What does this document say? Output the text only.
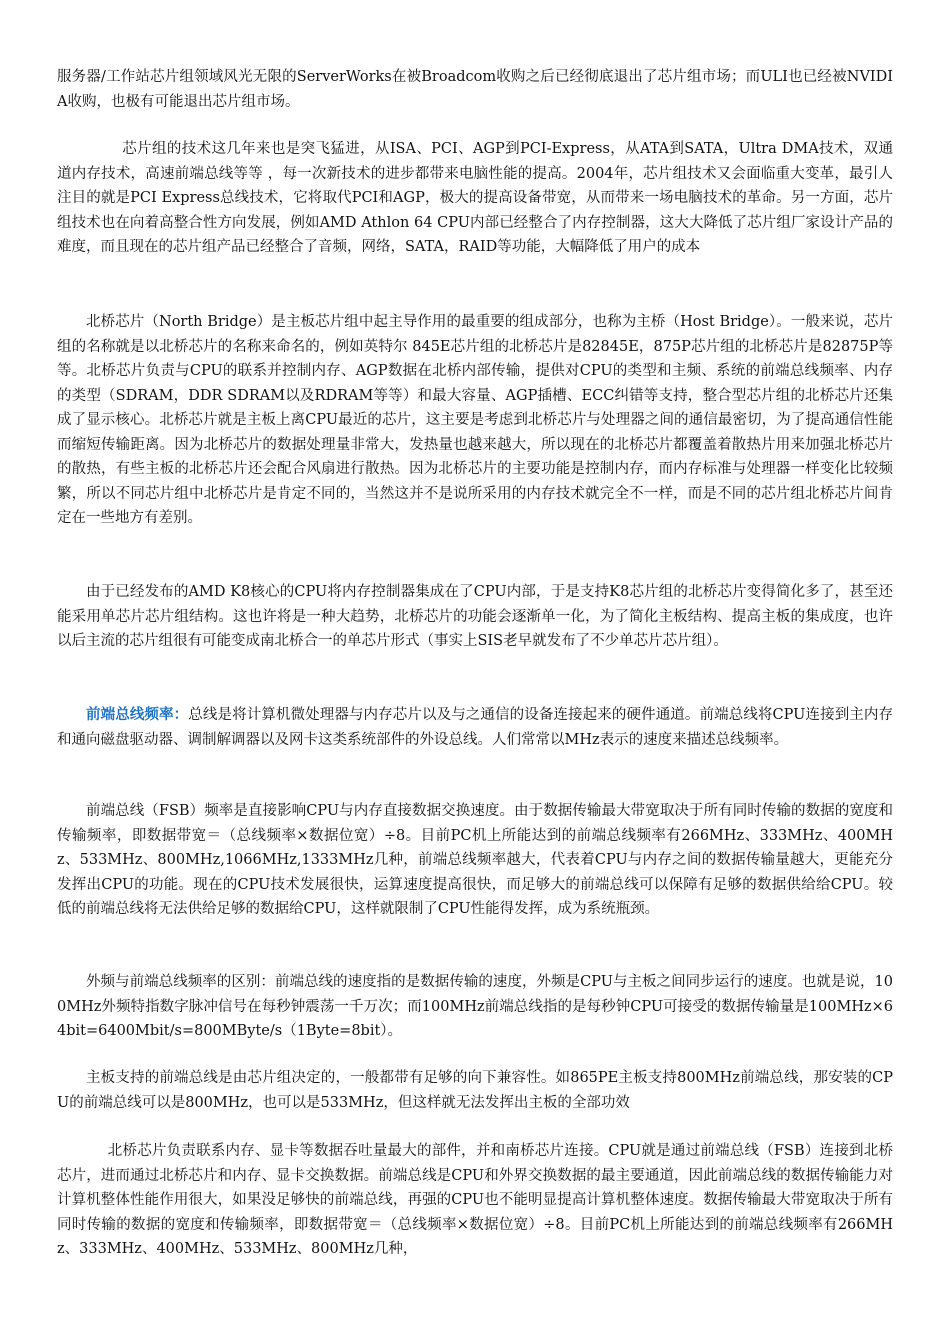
服务器/工作站芯片组领域风光无限的ServerWorks在被Broadcom收购之后已经彻底退出了芯片组市场；而ULI也已经被NVIDIA收购，也极有可能退出芯片组市场。

芯片组的技术这几年来也是突飞猛进，从ISA、PCI、AGP到PCI-Express，从ATA到SATA，Ultra DMA技术，双通道内存技术，高速前端总线等等 ，每一次新技术的进步都带来电脑性能的提高。2004年，芯片组技术又会面临重大变革，最引人注目的就是PCI Express总线技术，它将取代PCI和AGP，极大的提高设备带宽，从而带来一场电脑技术的革命。另一方面，芯片组技术也在向着高整合性方向发展，例如AMD Athlon 64 CPU内部已经整合了内存控制器，这大大降低了芯片组厂家设计产品的难度，而且现在的芯片组产品已经整合了音频，网络，SATA，RAID等功能，大幅降低了用户的成本

北桥芯片（North Bridge）是主板芯片组中起主导作用的最重要的组成部分，也称为主桥（Host Bridge）。一般来说，芯片组的名称就是以北桥芯片的名称来命名的，例如英特尔 845E芯片组的北桥芯片是82845E，875P芯片组的北桥芯片是82875P等等。北桥芯片负责与CPU的联系并控制内存、AGP数据在北桥内部传输，提供对CPU的类型和主频、系统的前端总线频率、内存的类型（SDRAM，DDR SDRAM以及RDRAM等等）和最大容量、AGP插槽、ECC纠错等支持，整合型芯片组的北桥芯片还集成了显示核心。北桥芯片就是主板上离CPU最近的芯片，这主要是考虑到北桥芯片与处理器之间的通信最密切，为了提高通信性能而缩短传输距离。因为北桥芯片的数据处理量非常大，发热量也越来越大，所以现在的北桥芯片都覆盖着散热片用来加强北桥芯片的散热，有些主板的北桥芯片还会配合风扇进行散热。因为北桥芯片的主要功能是控制内存，而内存标准与处理器一样变化比较频繁，所以不同芯片组中北桥芯片是肯定不同的，当然这并不是说所采用的内存技术就完全不一样，而是不同的芯片组北桥芯片间肯定在一些地方有差别。

由于已经发布的AMD K8核心的CPU将内存控制器集成在了CPU内部，于是支持K8芯片组的北桥芯片变得简化多了，甚至还能采用单芯片芯片组结构。这也许将是一种大趋势，北桥芯片的功能会逐渐单一化，为了简化主板结构、提高主板的集成度，也许以后主流的芯片组很有可能变成南北桥合一的单芯片形式（事实上SIS老早就发布了不少单芯片芯片组）。

前端总线频率：总线是将计算机微处理器与内存芯片以及与之通信的设备连接起来的硬件通道。前端总线将CPU连接到主内存和通向磁盘驱动器、调制解调器以及网卡这类系统部件的外设总线。人们常常以MHz表示的速度来描述总线频率。

前端总线（FSB）频率是直接影响CPU与内存直接数据交换速度。由于数据传输最大带宽取决于所有同时传输的数据的宽度和传输频率，即数据带宽＝（总线频率×数据位宽）÷8。目前PC机上所能达到的前端总线频率有266MHz、333MHz、400MHz、533MHz、800MHz,1066MHz,1333MHz几种，前端总线频率越大，代表着CPU与内存之间的数据传输量越大，更能充分发挥出CPU的功能。现在的CPU技术发展很快，运算速度提高很快，而足够大的前端总线可以保障有足够的数据供给给CPU。较低的前端总线将无法供给足够的数据给CPU，这样就限制了CPU性能得发挥，成为系统瓶颈。

外频与前端总线频率的区别：前端总线的速度指的是数据传输的速度，外频是CPU与主板之间同步运行的速度。也就是说，100MHz外频特指数字脉冲信号在每秒钟震荡一千万次；而100MHz前端总线指的是每秒钟CPU可接受的数据传输量是100MHz×64bit=6400Mbit/s=800MByte/s（1Byte=8bit）。

主板支持的前端总线是由芯片组决定的，一般都带有足够的向下兼容性。如865PE主板支持800MHz前端总线，那安装的CPU的前端总线可以是800MHz，也可以是533MHz，但这样就无法发挥出主板的全部功效

北桥芯片负责联系内存、显卡等数据吞吐量最大的部件，并和南桥芯片连接。CPU就是通过前端总线（FSB）连接到北桥芯片，进而通过北桥芯片和内存、显卡交换数据。前端总线是CPU和外界交换数据的最主要通道，因此前端总线的数据传输能力对计算机整体性能作用很大，如果没足够快的前端总线，再强的CPU也不能明显提高计算机整体速度。数据传输最大带宽取决于所有同时传输的数据的宽度和传输频率，即数据带宽＝（总线频率×数据位宽）÷8。目前PC机上所能达到的前端总线频率有266MHz、333MHz、400MHz、533MHz、800MHz几种，
